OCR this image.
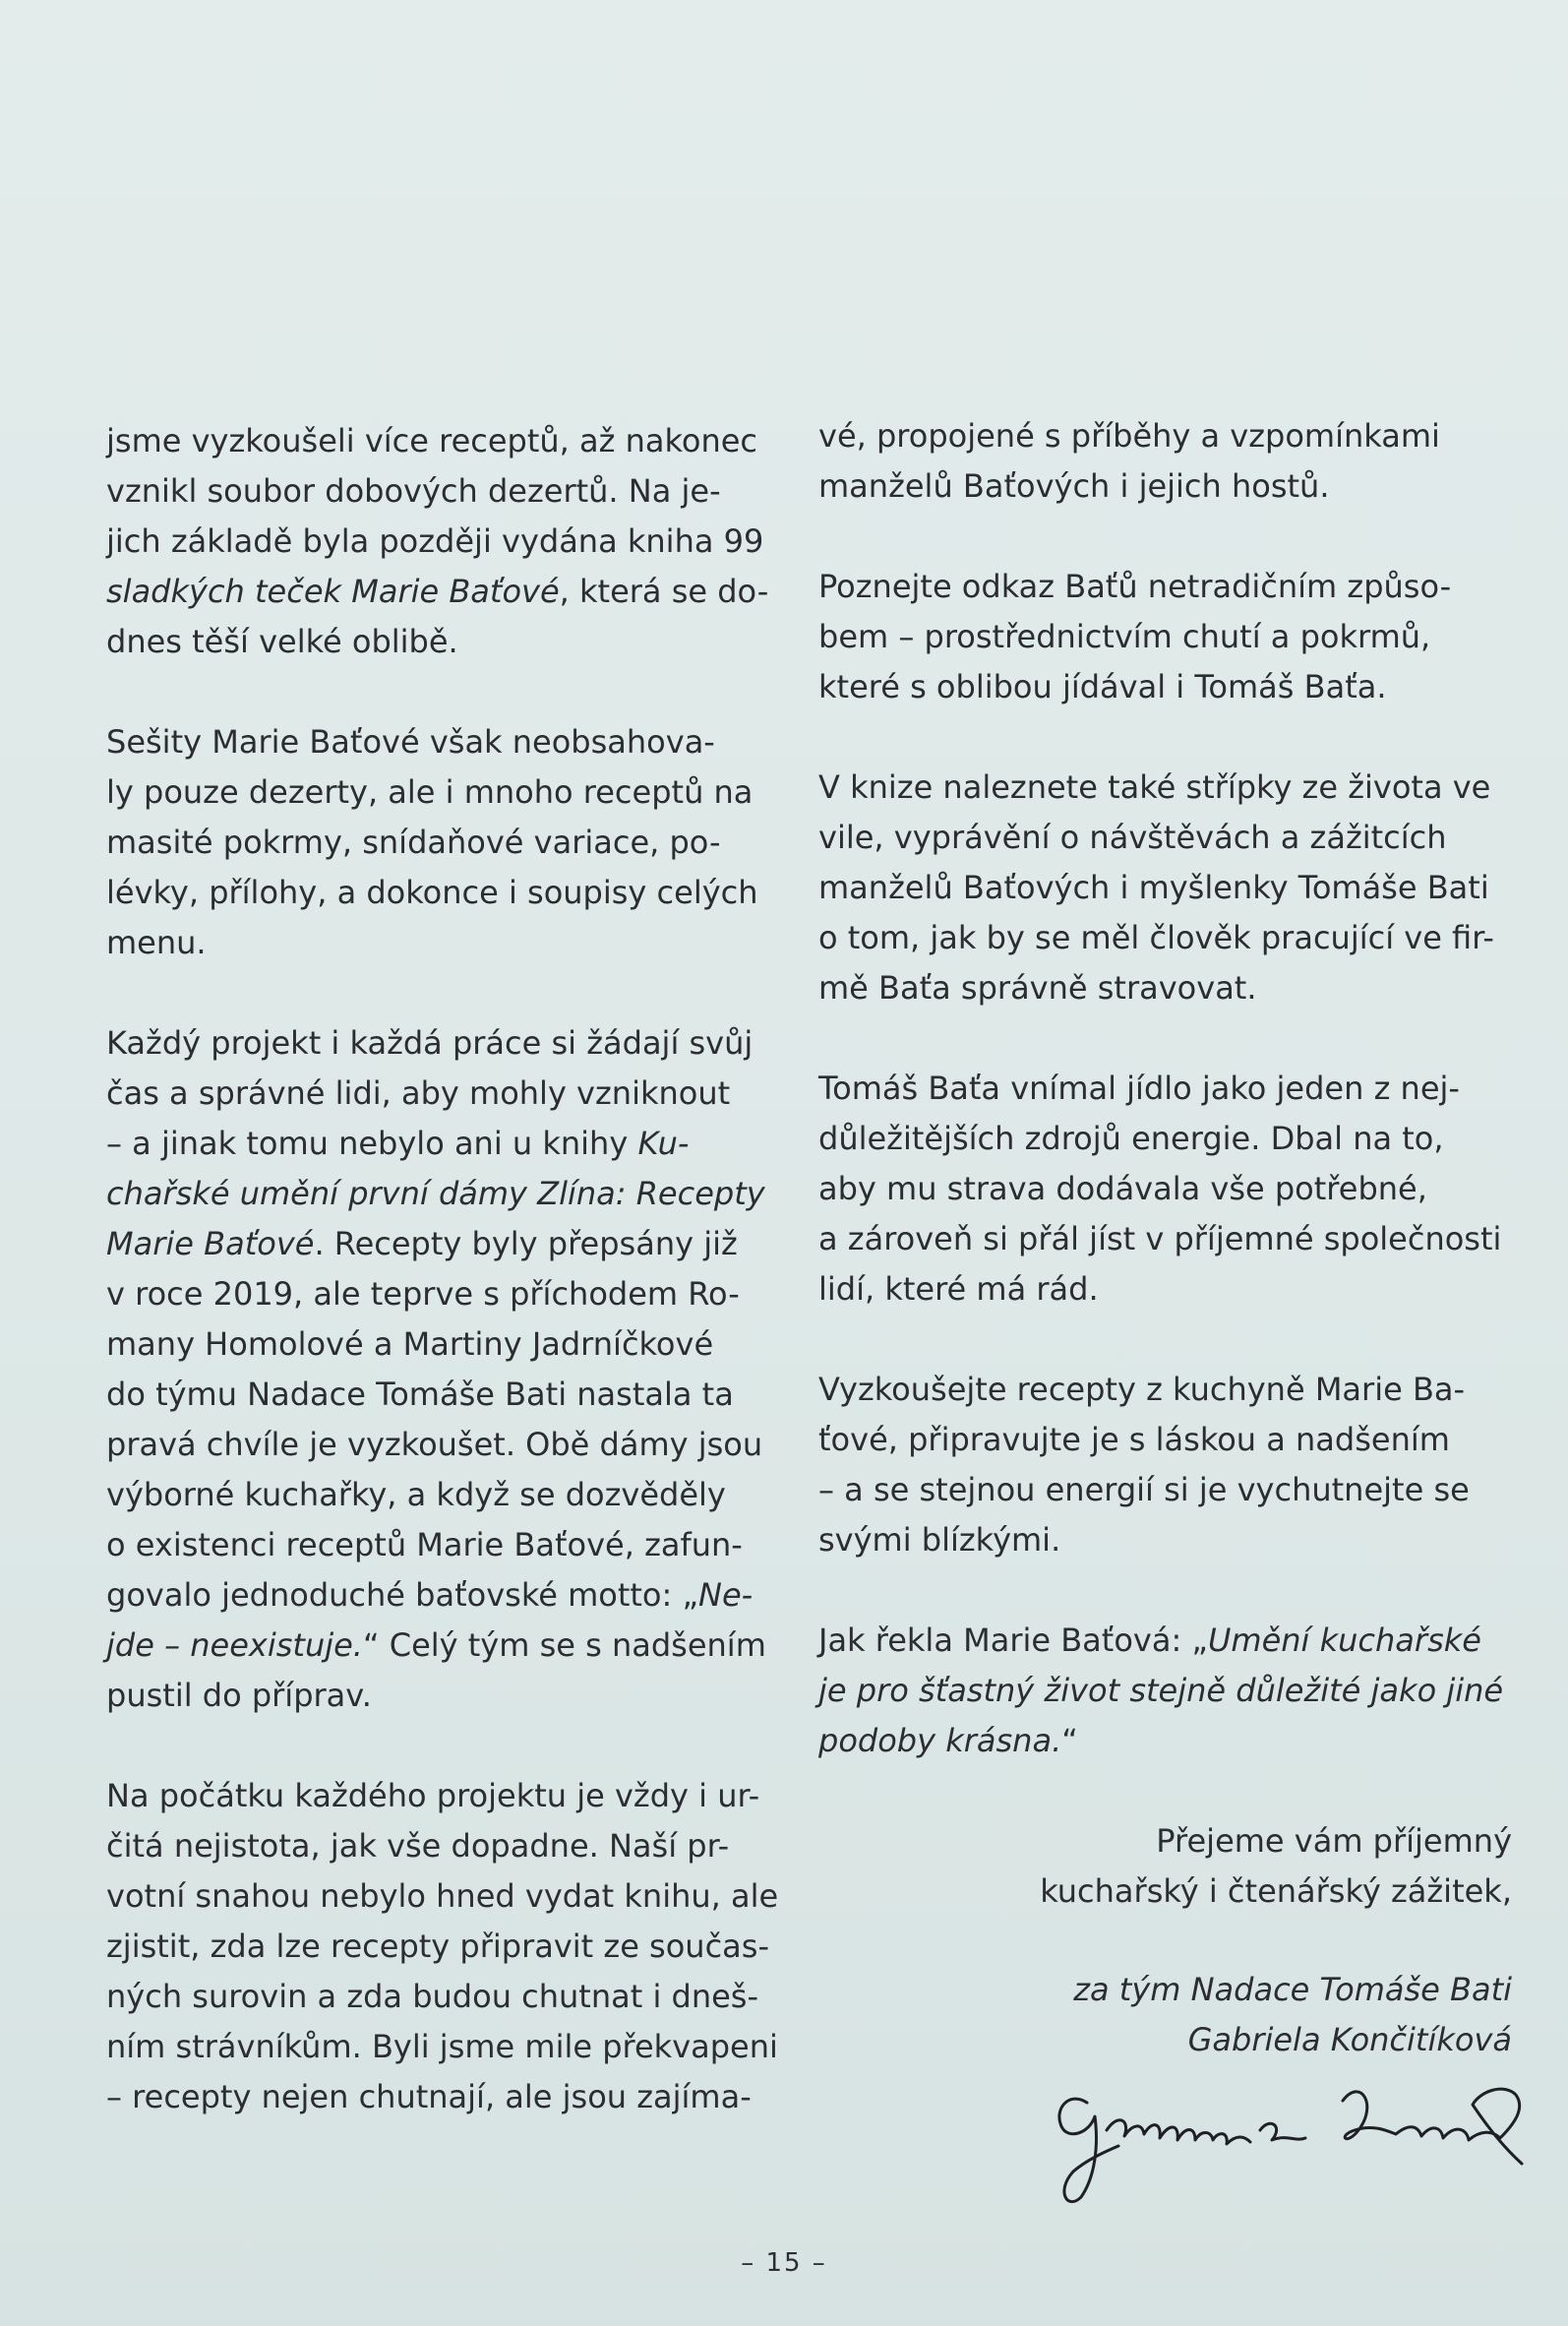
jsme vyzkoušeli více receptů, až nakonec
vznikl soubor dobových dezertů. Na je-
jich základě byla později vydána kniha 99
sladkých teček Marie Baťové, která se do-
dnes těší velké oblibě.

Sešity Marie Baťové však neobsahova-
ly pouze dezerty, ale i mnoho receptů na
masité pokrmy, snídaňové variace, po-
lévky, přílohy, a dokonce i soupisy celých
menu.

Každý projekt i každá práce si žádají svůj
čas a správné lidi, aby mohly vzniknout
– a jinak tomu nebylo ani u knihy Ku-
chařské umění první dámy Zlína: Recepty
Marie Baťové. Recepty byly přepsány již
v roce 2019, ale teprve s příchodem Ro-
many Homolové a Martiny Jadrníčkové
do týmu Nadace Tomáše Bati nastala ta
pravá chvíle je vyzkoušet. Obě dámy jsou
výborné kuchařky, a když se dozvěděly
o existenci receptů Marie Baťové, zafun-
govalo jednoduché baťovské motto: „Ne-
jde – neexistuje.“ Celý tým se s nadšením
pustil do příprav.

Na počátku každého projektu je vždy i ur-
čitá nejistota, jak vše dopadne. Naší pr-
votní snahou nebylo hned vydat knihu, ale
zjistit, zda lze recepty připravit ze součas-
ných surovin a zda budou chutnat i dneš-
ním strávníkům. Byli jsme mile překvapeni
– recepty nejen chutnají, ale jsou zajíma-

vé, propojené s příběhy a vzpomínkami
manželů Baťových i jejich hostů.

Poznejte odkaz Baťů netradičním způso-
bem – prostřednictvím chutí a pokrmů,
které s oblibou jídával i Tomáš Baťa.

V knize naleznete také střípky ze života ve
vile, vyprávění o návštěvách a zážitcích
manželů Baťových i myšlenky Tomáše Bati
o tom, jak by se měl člověk pracující ve fir-
mě Baťa správně stravovat.

Tomáš Baťa vnímal jídlo jako jeden z nej-
důležitějších zdrojů energie. Dbal na to,
aby mu strava dodávala vše potřebné,
a zároveň si přál jíst v příjemné společnosti
lidí, které má rád.

Vyzkoušejte recepty z kuchyně Marie Ba-
ťové, připravujte je s láskou a nadšením
– a se stejnou energií si je vychutnejte se
svými blízkými.

Jak řekla Marie Baťová: „Umění kuchařské
je pro šťastný život stejně důležité jako jiné
podoby krásna.“

Přejeme vám příjemný
kuchařský i čtenářský zážitek,
za tým Nadace Tomáše Bati
Gabriela Končitíková
– 15 –
